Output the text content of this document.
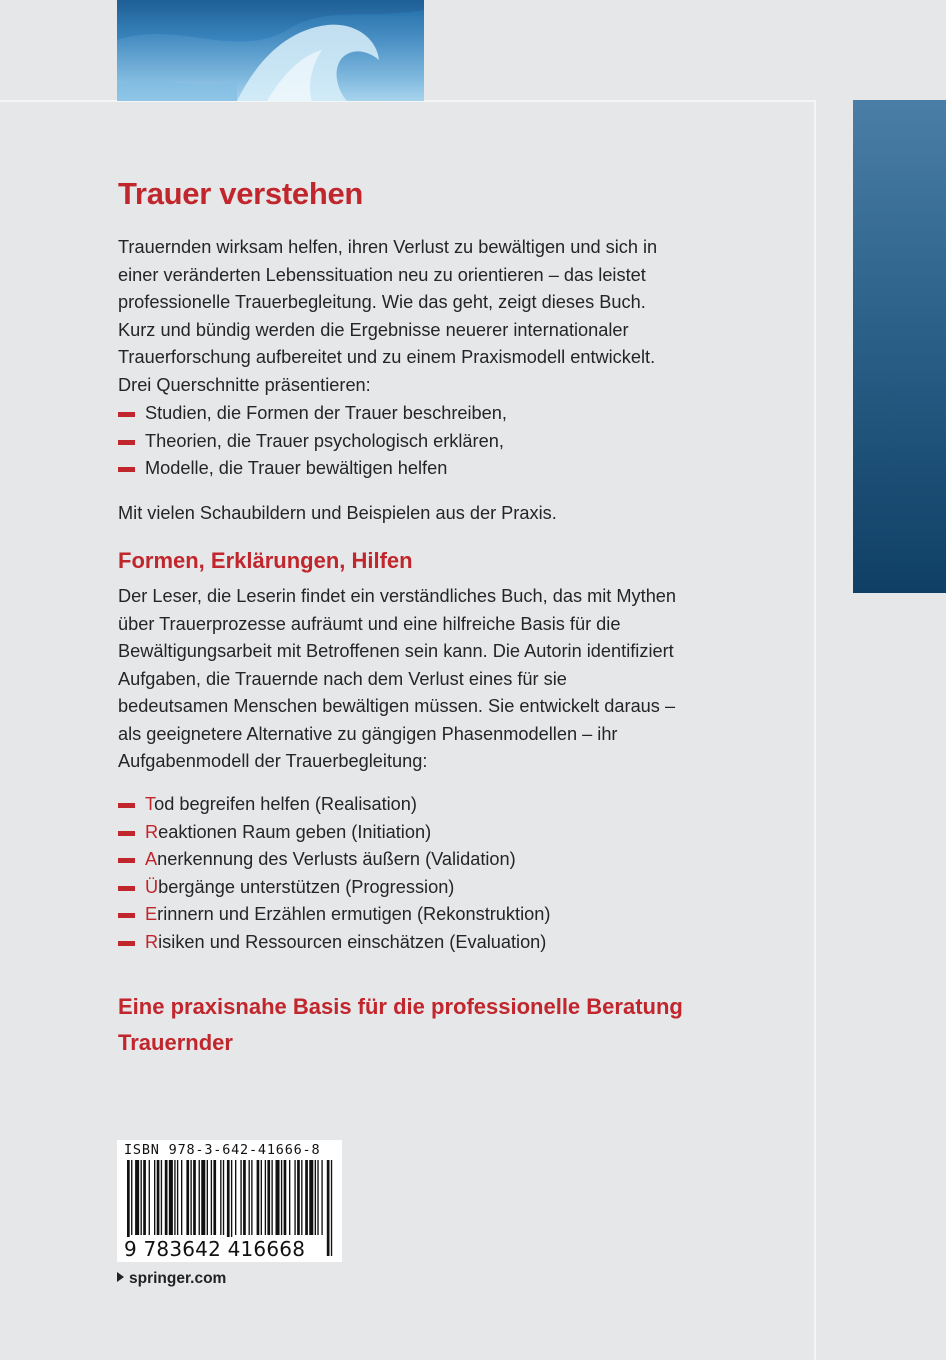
Trauer verstehen

Trauernden wirksam helfen, ihren Verlust zu bewältigen und sich in einer veränderten Lebenssituation neu zu orientieren – das leistet professionelle Trauerbegleitung. Wie das geht, zeigt dieses Buch. Kurz und bündig werden die Ergebnisse neuerer internationaler Trauerforschung aufbereitet und zu einem Praxismodell entwickelt. Drei Querschnitte präsentieren:

Studien, die Formen der Trauer beschreiben,
Theorien, die Trauer psychologisch erklären,
Modelle, die Trauer bewältigen helfen

Mit vielen Schaubildern und Beispielen aus der Praxis.

Formen, Erklärungen, Hilfen

Der Leser, die Leserin findet ein verständliches Buch, das mit Mythen über Trauerprozesse aufräumt und eine hilfreiche Basis für die Bewältigungsarbeit mit Betroffenen sein kann. Die Autorin identifiziert Aufgaben, die Trauernde nach dem Verlust eines für sie bedeutsamen Menschen bewältigen müssen. Sie entwickelt daraus – als geeignetere Alternative zu gängigen Phasenmodellen – ihr Aufgabenmodell der Trauerbegleitung:

Tod begreifen helfen (Realisation)
Reaktionen Raum geben (Initiation)
Anerkennung des Verlusts äußern (Validation)
Übergänge unterstützen (Progression)
Erinnern und Erzählen ermutigen (Rekonstruktion)
Risiken und Ressourcen einschätzen (Evaluation)
Eine praxisnahe Basis für die professionelle Beratung Trauernder

ISBN 978-3-642-41666-8

9 783642 416668

springer.com
